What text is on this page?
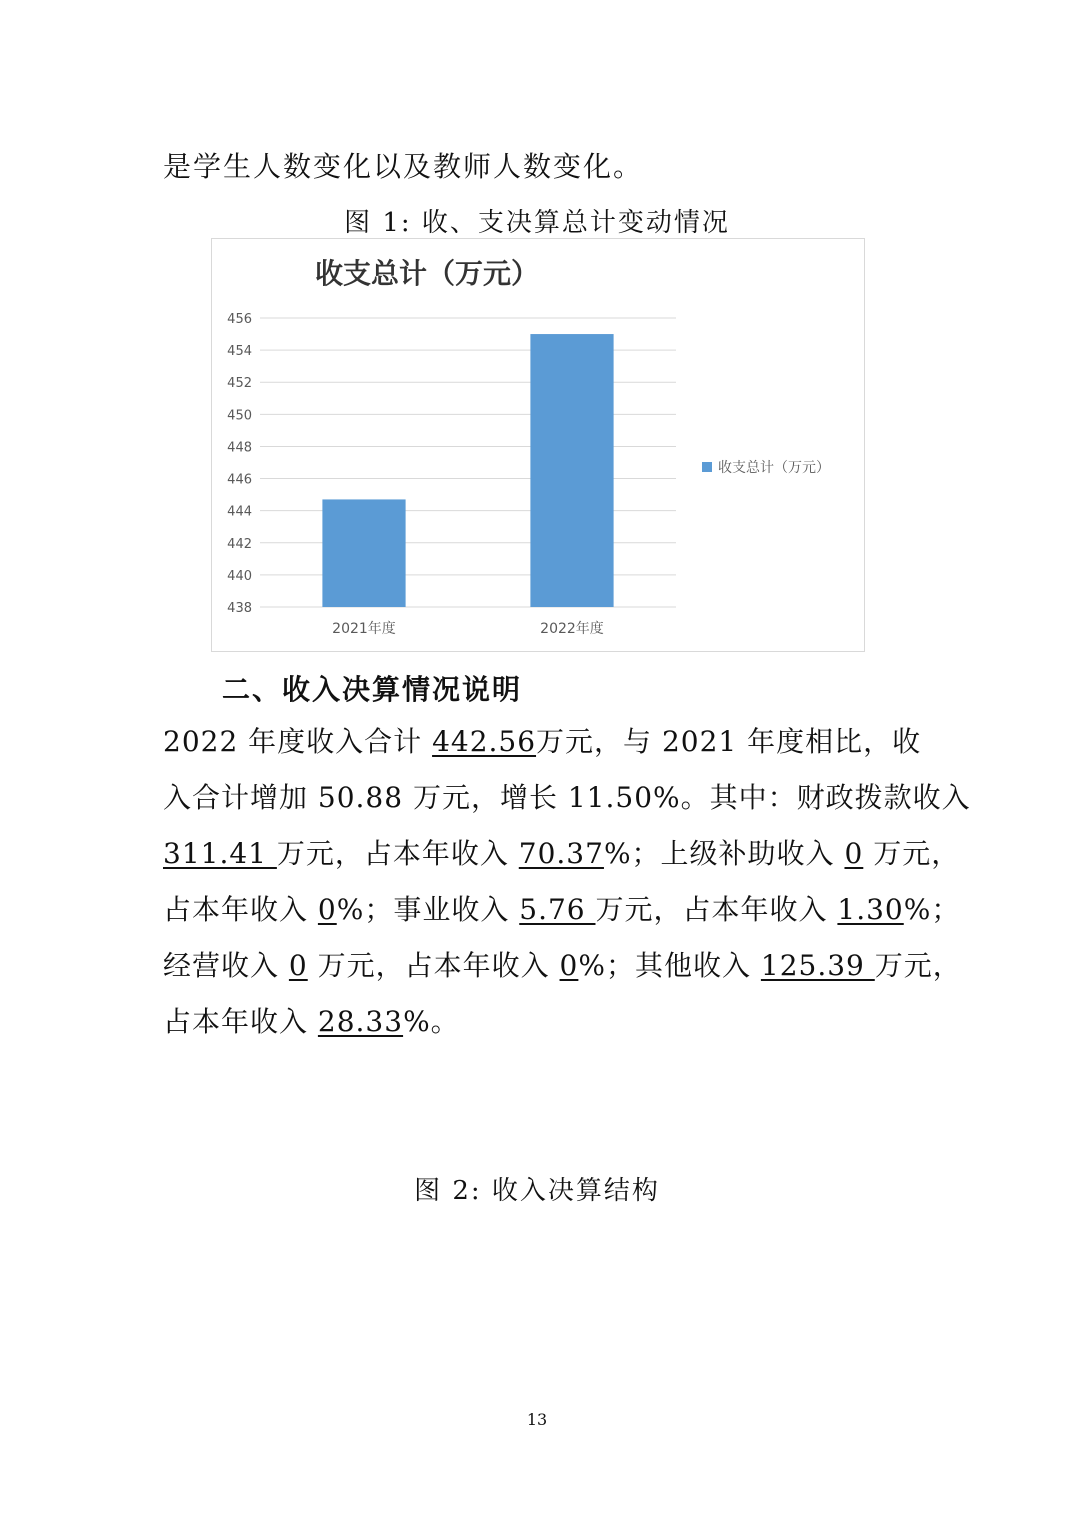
是学生人数变化以及教师人数变化。
图 1: 收、支决算总计变动情况
收支总计（万元）
438
440
442
444
446
448
450
452
454
456
2021年度	2022年度
收支总计（万元）
二、收入决算情况说明
2022 年度收入合计 442.56万元，与 2021 年度相比，收
入合计增加 50.88 万元，增长 11.50%。其中：财政拨款收入
311.41 万元，占本年收入 70.37%；上级补助收入 0 万元，
占本年收入 0%；事业收入 5.76 万元，占本年收入 1.30%；
经营收入 0 万元，占本年收入 0%；其他收入 125.39 万元，
占本年收入 28.33%。
图 2: 收入决算结构
13
